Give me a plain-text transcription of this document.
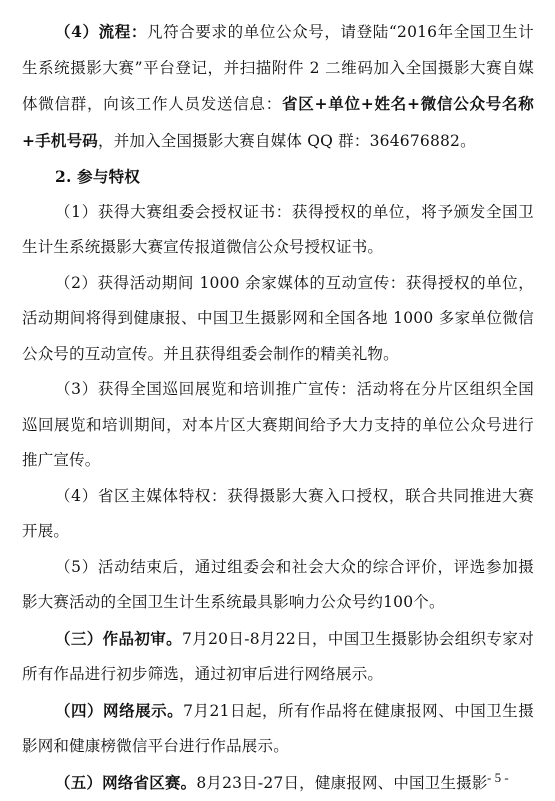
（4）流程：凡符合要求的单位公众号，请登陆“2016年全国卫生计生系统摄影大赛”平台登记，并扫描附件 2 二维码加入全国摄影大赛自媒体微信群，向该工作人员发送信息：省区+单位+姓名+微信公众号名称+手机号码，并加入全国摄影大赛自媒体 QQ 群：364676882。

2. 参与特权

（1）获得大赛组委会授权证书：获得授权的单位，将予颁发全国卫生计生系统摄影大赛宣传报道微信公众号授权证书。

（2）获得活动期间 1000 余家媒体的互动宣传：获得授权的单位，活动期间将得到健康报、中国卫生摄影网和全国各地 1000 多家单位微信公众号的互动宣传。并且获得组委会制作的精美礼物。

（3）获得全国巡回展览和培训推广宣传：活动将在分片区组织全国巡回展览和培训期间，对本片区大赛期间给予大力支持的单位公众号进行推广宣传。

（4）省区主媒体特权：获得摄影大赛入口授权，联合共同推进大赛开展。

（5）活动结束后，通过组委会和社会大众的综合评价，评选参加摄影大赛活动的全国卫生计生系统最具影响力公众号约100个。

（三）作品初审。7月20日-8月22日，中国卫生摄影协会组织专家对所有作品进行初步筛选，通过初审后进行网络展示。

（四）网络展示。7月21日起，所有作品将在健康报网、中国卫生摄影网和健康榜微信平台进行作品展示。

（五）网络省区赛。8月23日-27日，健康报网、中国卫生摄影 - 5 -
